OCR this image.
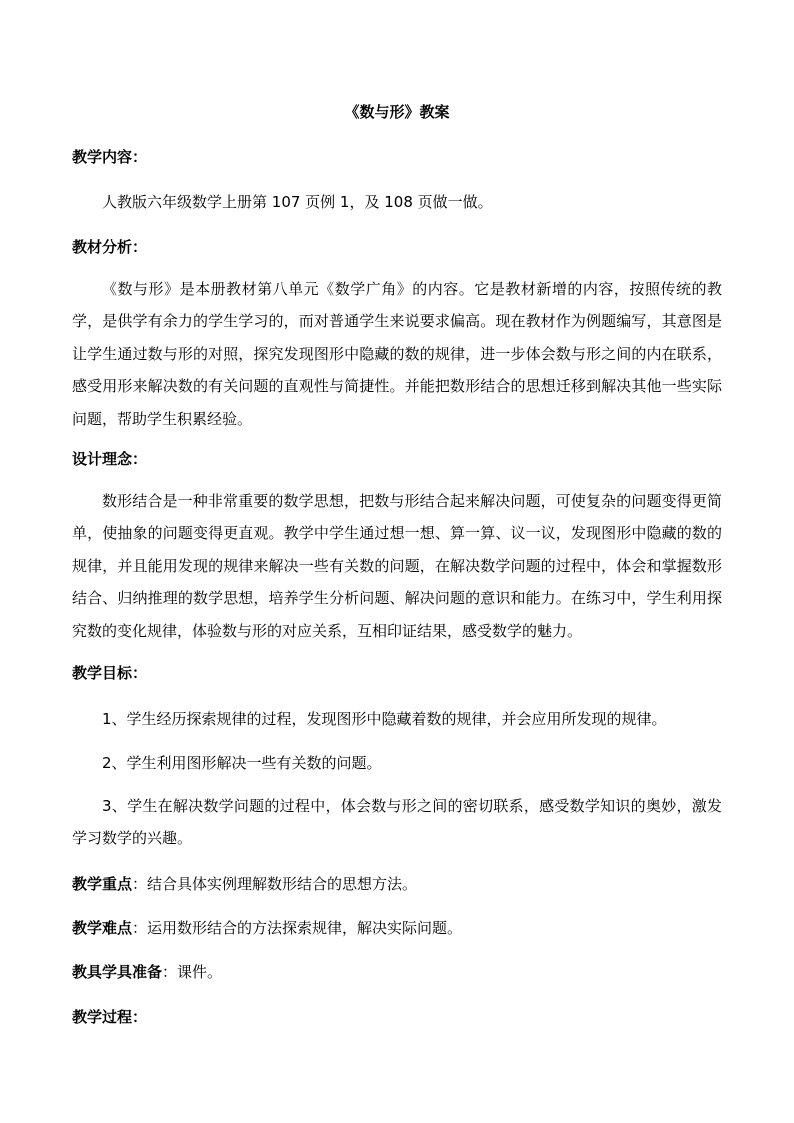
《数与形》教案
教学内容：
人教版六年级数学上册第 107 页例 1，及 108 页做一做。
教材分析：
《数与形》是本册教材第八单元《数学广角》的内容。它是教材新增的内容，按照传统的教学，是供学有余力的学生学习的，而对普通学生来说要求偏高。现在教材作为例题编写，其意图是让学生通过数与形的对照，探究发现图形中隐藏的数的规律，进一步体会数与形之间的内在联系，感受用形来解决数的有关问题的直观性与简捷性。并能把数形结合的思想迁移到解决其他一些实际问题，帮助学生积累经验。
设计理念：
数形结合是一种非常重要的数学思想，把数与形结合起来解决问题，可使复杂的问题变得更简单，使抽象的问题变得更直观。教学中学生通过想一想、算一算、议一议，发现图形中隐藏的数的规律，并且能用发现的规律来解决一些有关数的问题，在解决数学问题的过程中，体会和掌握数形结合、归纳推理的数学思想，培养学生分析问题、解决问题的意识和能力。在练习中，学生利用探究数的变化规律，体验数与形的对应关系，互相印证结果，感受数学的魅力。
教学目标：
1、学生经历探索规律的过程，发现图形中隐藏着数的规律，并会应用所发现的规律。
2、学生利用图形解决一些有关数的问题。
3、学生在解决数学问题的过程中，体会数与形之间的密切联系，感受数学知识的奥妙，激发学习数学的兴趣。
教学重点：结合具体实例理解数形结合的思想方法。
教学难点：运用数形结合的方法探索规律，解决实际问题。
教具学具准备：课件。
教学过程：
